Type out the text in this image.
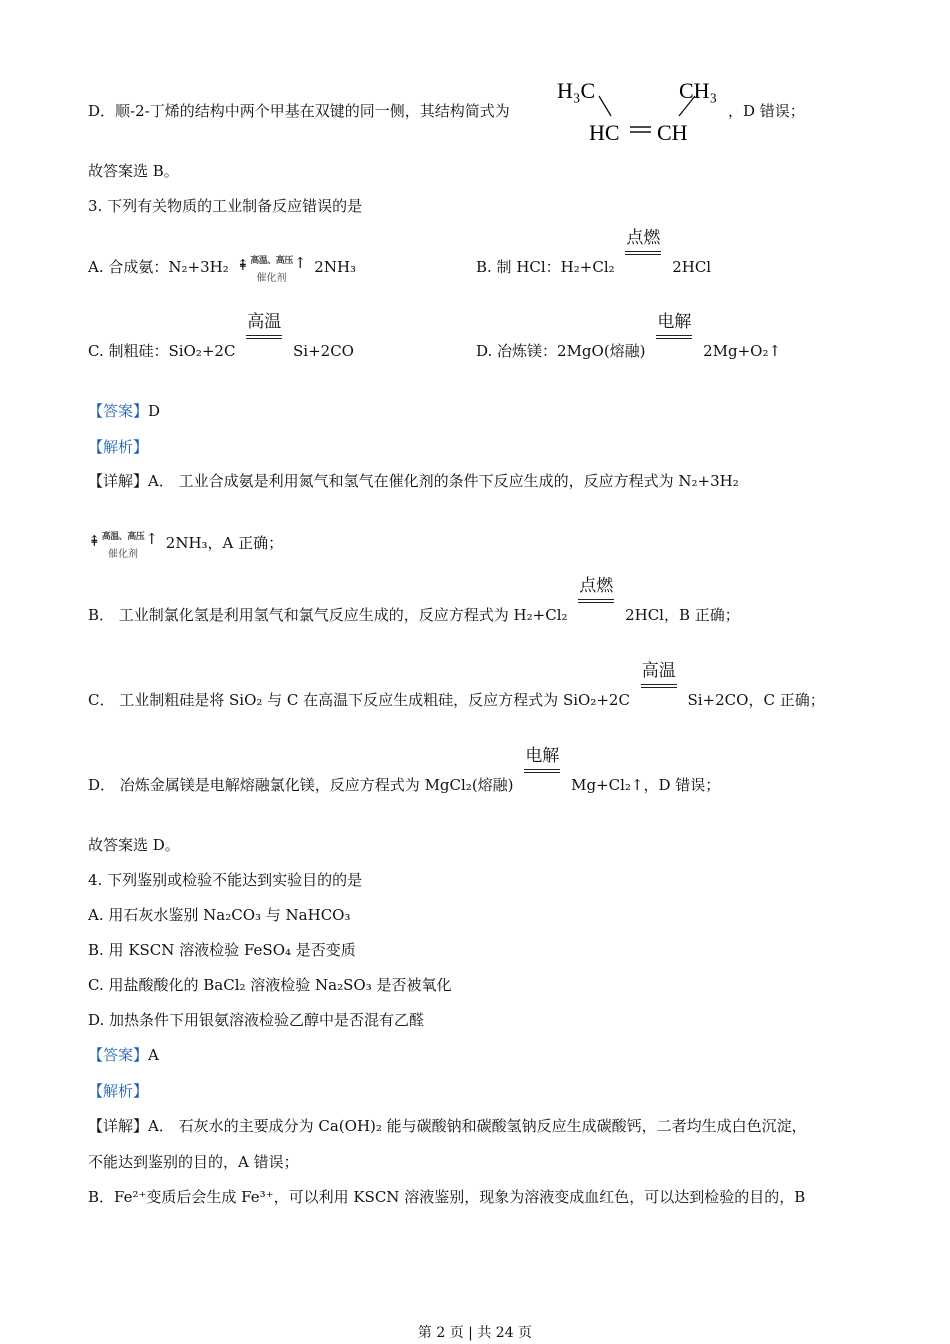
D．顺-2-丁烯的结构中两个甲基在双键的同一侧，其结构简式为	，D 错误；
H₃C	CH₃
HC CH
故答案选 B。
3. 下列有关物质的工业制备反应错误的是
A. 合成氨：N₂+3H₂ ⇞ 高温、高压
催化剂
↑ 2NH₃	B. 制 HCl：H₂+Cl₂
点燃
2HCl
C. 制粗硅：SiO₂+2C
高温
Si+2CO	D. 冶炼镁：2MgO(熔融)
电解
2Mg+O₂↑
【答案】D
【解析】
【详解】A． 工业合成氨是利用氮气和氢气在催化剂的条件下反应生成的，反应方程式为 N₂+3H₂
⇞ 高温、高压
催化剂
↑ 2NH₃，A 正确；
B． 工业制氯化氢是利用氢气和氯气反应生成的，反应方程式为 H₂+Cl₂
点燃
2HCl，B 正确；
C． 工业制粗硅是将 SiO₂ 与 C 在高温下反应生成粗硅，反应方程式为 SiO₂+2C
高温
Si+2CO，C 正确；
D． 冶炼金属镁是电解熔融氯化镁，反应方程式为 MgCl₂(熔融)
电解
Mg+Cl₂↑，D 错误；
故答案选 D。
4. 下列鉴别或检验不能达到实验目的的是
A. 用石灰水鉴别 Na₂CO₃ 与 NaHCO₃
B. 用 KSCN 溶液检验 FeSO₄ 是否变质
C. 用盐酸酸化的 BaCl₂ 溶液检验 Na₂SO₃ 是否被氧化
D. 加热条件下用银氨溶液检验乙醇中是否混有乙醛
【答案】A
【解析】
【详解】A． 石灰水的主要成分为 Ca(OH)₂ 能与碳酸钠和碳酸氢钠反应生成碳酸钙，二者均生成白色沉淀，
不能达到鉴别的目的，A 错误；
B．Fe²⁺变质后会生成 Fe³⁺，可以利用 KSCN 溶液鉴别，现象为溶液变成血红色，可以达到检验的目的，B
第 2 页 | 共 24 页
